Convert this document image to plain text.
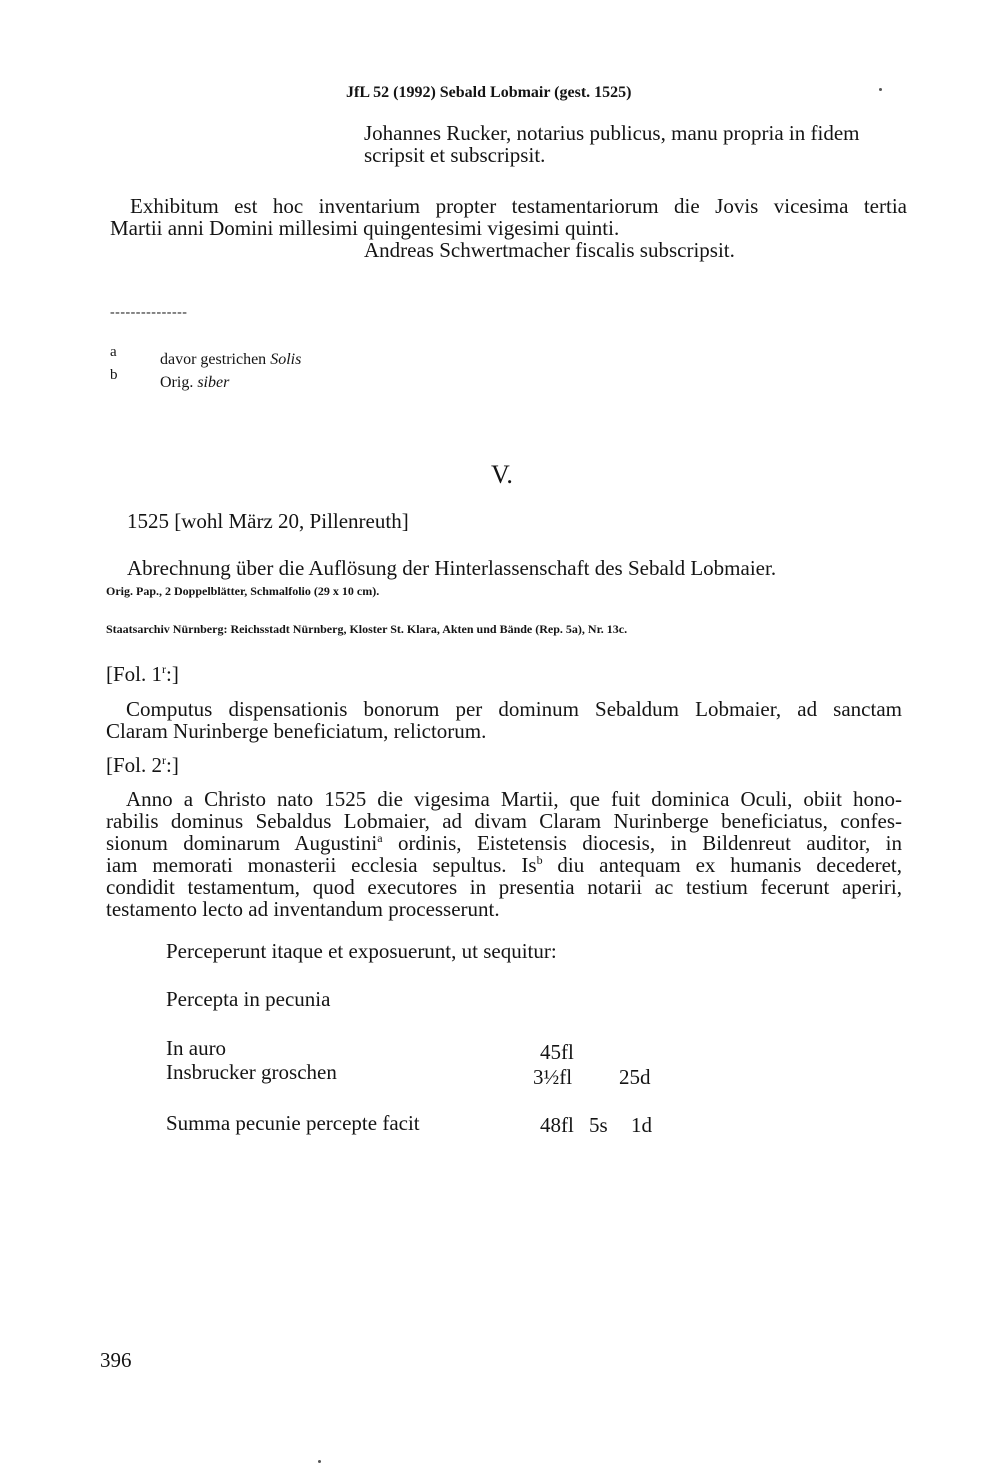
JfL 52 (1992) Sebald Lobmair (gest. 1525)
Johannes Rucker, notarius publicus, manu propria in fidem
scripsit et subscripsit.
Exhibitum est hoc inventarium propter testamentariorum die Jovis vicesima tertia
Martii anni Domini millesimi quingentesimi vigesimi quinti.
Andreas Schwertmacher fiscalis subscripsit.
---------------
a	davor gestrichen Solis
b	Orig. siber
V.
1525 [wohl März 20, Pillenreuth]
Abrechnung über die Auflösung der Hinterlassenschaft des Sebald Lobmaier.
Orig. Pap., 2 Doppelblätter, Schmalfolio (29 x 10 cm).
Staatsarchiv Nürnberg: Reichsstadt Nürnberg, Kloster St. Klara, Akten und Bände (Rep. 5a), Nr. 13c.
[Fol. 1$^r$:]
Computus dispensationis bonorum per dominum Sebaldum Lobmaier, ad sanctam
Claram Nurinberge beneficiatum, relictorum.
[Fol. 2$^r$:]
Anno a Christo nato 1525 die vigesima Martii, que fuit dominica Oculi, obiit hono-
rabilis dominus Sebaldus Lobmaier, ad divam Claram Nurinberge beneficiatus, confes-
sionum dominarum Augustini$^a$ ordinis, Eistetensis diocesis, in Bildenreut auditor, in
iam memorati monasterii ecclesia sepultus. Is$^b$ diu antequam ex humanis decederet,
condidit testamentum, quod executores in presentia notarii ac testium fecerunt aperiri,
testamento lecto ad inventandum processerunt.
Perceperunt itaque et exposuerunt, ut sequitur:
Percepta in pecunia
In auro	45fl
Insbrucker groschen	3½fl 25d
Summa pecunie percepte facit	48fl 5s 1d
396
